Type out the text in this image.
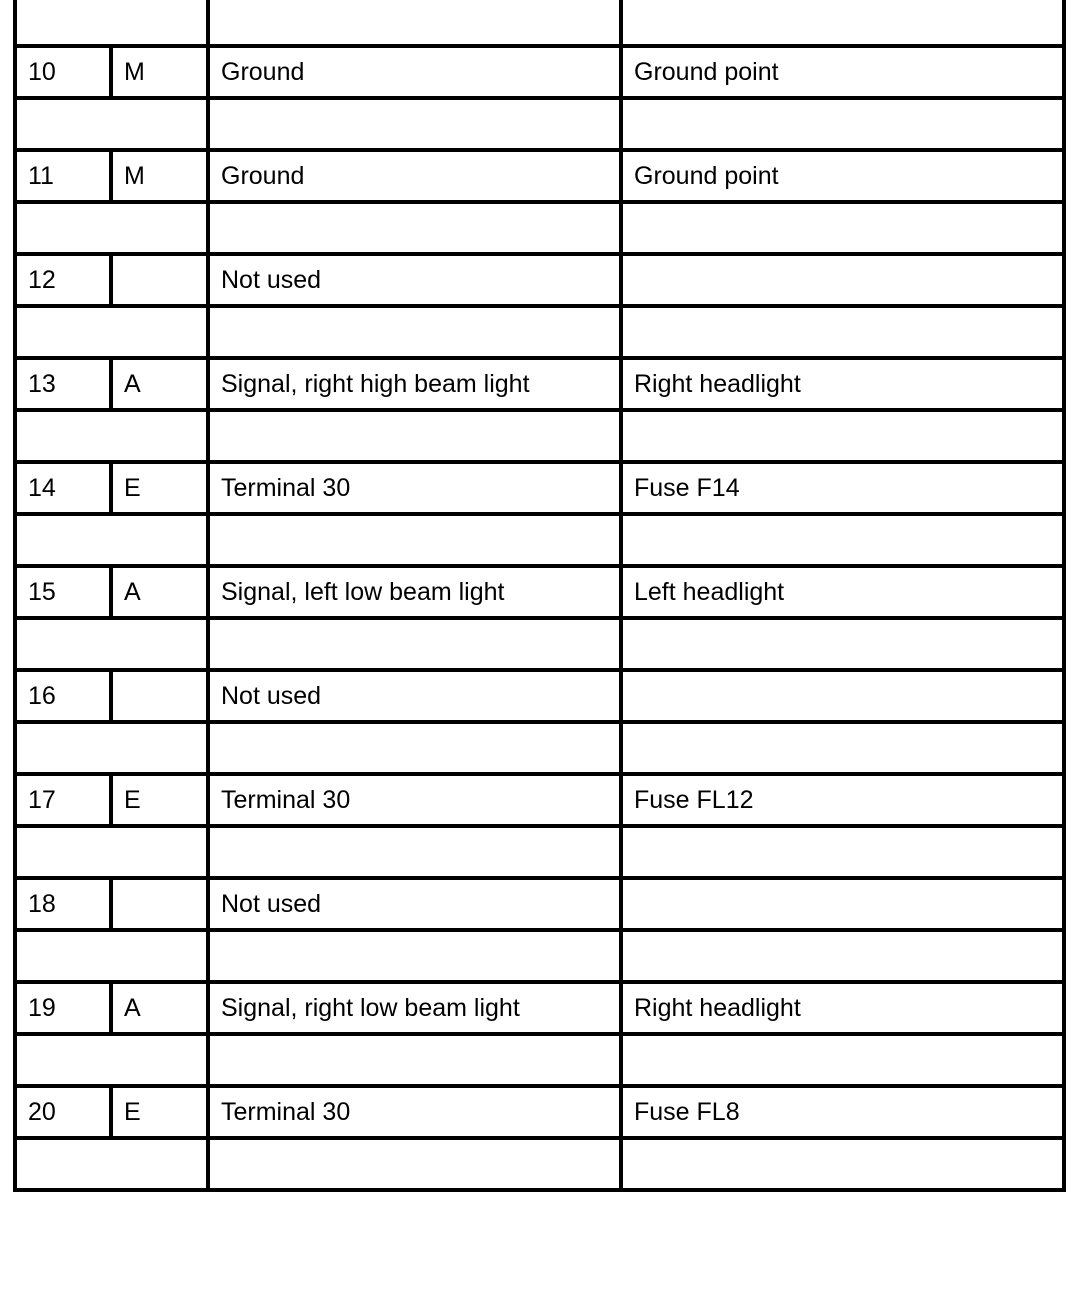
10	M	Ground	Ground point

11	M	Ground	Ground point

12		Not used	

13	A	Signal, right high beam light	Right headlight

14	E	Terminal 30	Fuse F14

15	A	Signal, left low beam light	Left headlight

16		Not used	

17	E	Terminal 30	Fuse FL12

18		Not used	

19	A	Signal, right low beam light	Right headlight

20	E	Terminal 30	Fuse FL8
